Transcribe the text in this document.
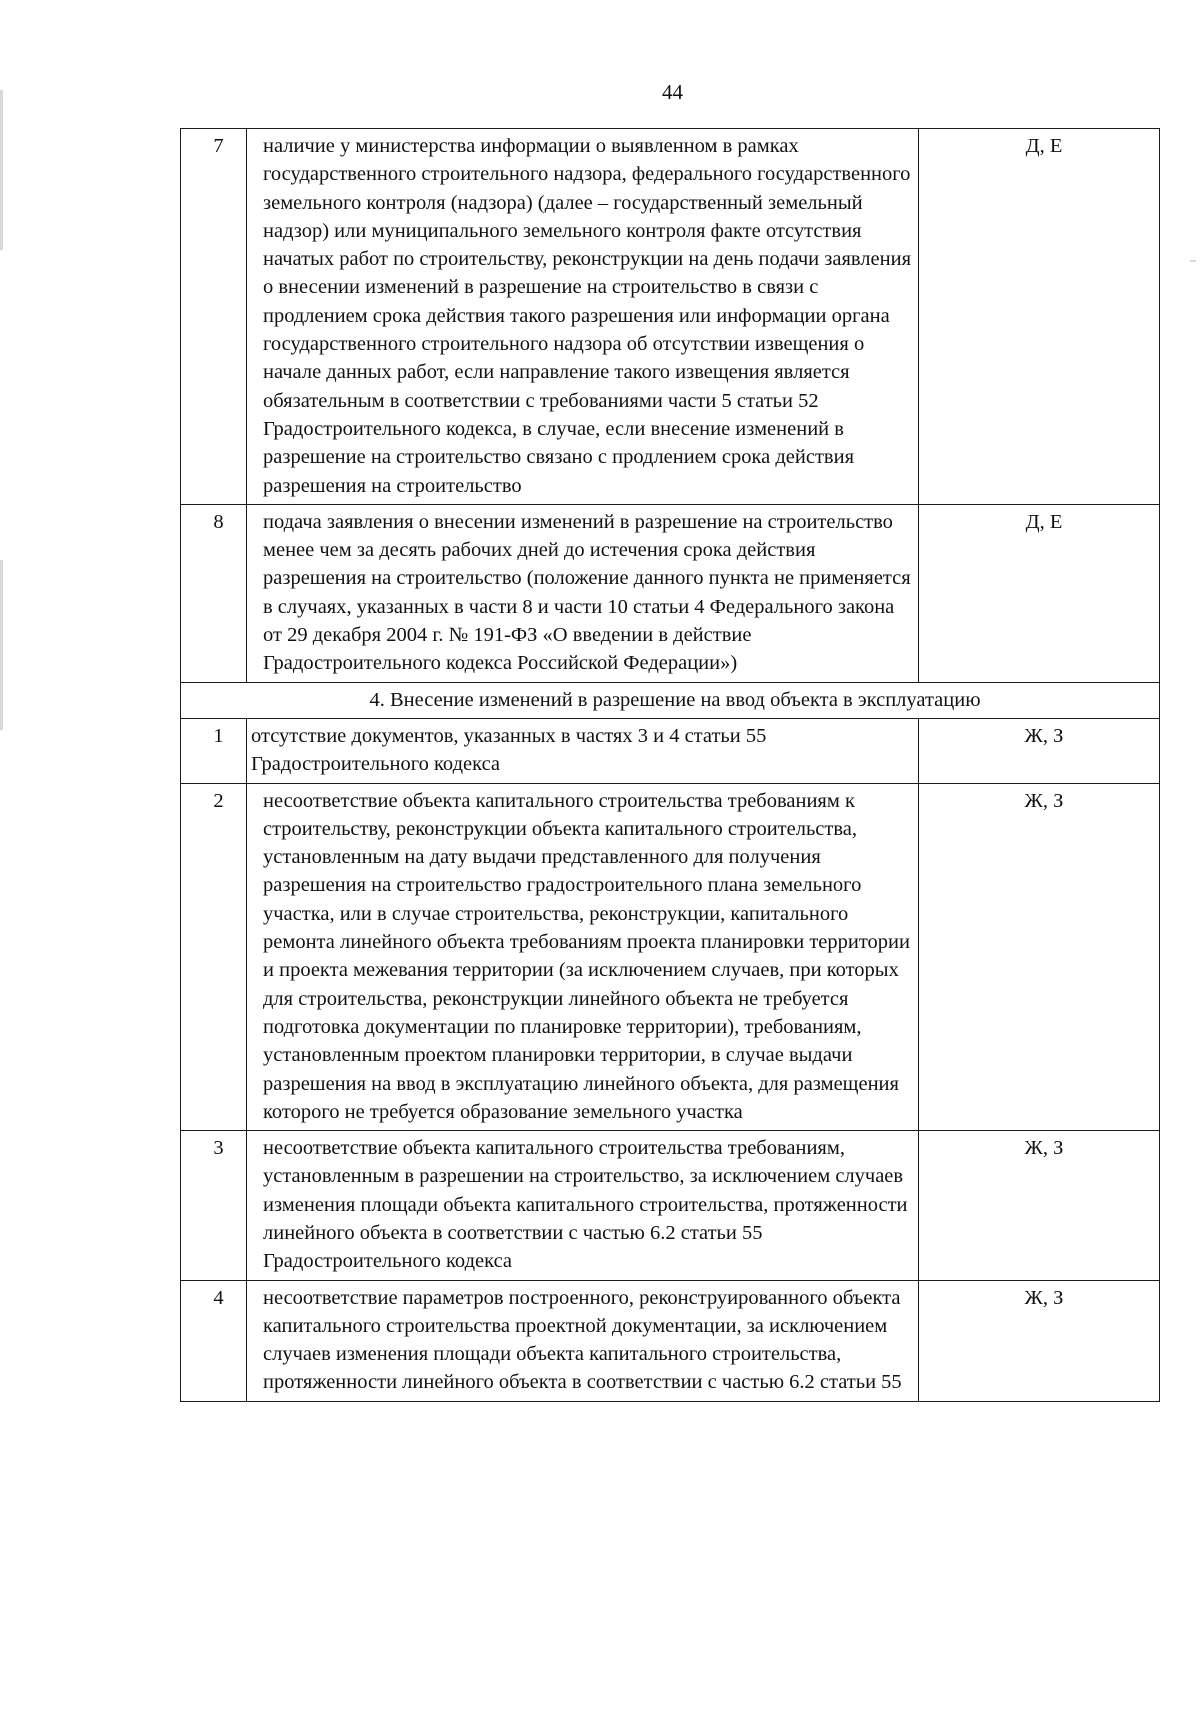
44
7	наличие у министерства информации о выявленном в рамках государственного строительного надзора, федерального государственного земельного контроля (надзора) (далее – государственный земельный надзор) или муниципального земельного контроля факте отсутствия начатых работ по строительству, реконструкции на день подачи заявления о внесении изменений в разрешение на строительство в связи с продлением срока действия такого разрешения или информации органа государственного строительного надзора об отсутствии извещения о начале данных работ, если направление такого извещения является обязательным в соответствии с требованиями части 5 статьи 52 Градостроительного кодекса, в случае, если внесение изменений в разрешение на строительство связано с продлением срока действия разрешения на строительство	Д, Е
8	подача заявления о внесении изменений в разрешение на строительство менее чем за десять рабочих дней до истечения срока действия разрешения на строительство (положение данного пункта не применяется в случаях, указанных в части 8 и части 10 статьи 4 Федерального закона от 29 декабря 2004 г. № 191-ФЗ «О введении в действие Градостроительного кодекса Российской Федерации»)	Д, Е
4. Внесение изменений в разрешение на ввод объекта в эксплуатацию		
1	отсутствие документов, указанных в частях 3 и 4 статьи 55 Градостроительного кодекса	Ж, З
2	несоответствие объекта капитального строительства требованиям к строительству, реконструкции объекта капитального строительства, установленным на дату выдачи представленного для получения разрешения на строительство градостроительного плана земельного участка, или в случае строительства, реконструкции, капитального ремонта линейного объекта требованиям проекта планировки территории и проекта межевания территории (за исключением случаев, при которых для строительства, реконструкции линейного объекта не требуется подготовка документации по планировке территории), требованиям, установленным проектом планировки территории, в случае выдачи разрешения на ввод в эксплуатацию линейного объекта, для размещения которого не требуется образование земельного участка	Ж, З
3	несоответствие объекта капитального строительства требованиям, установленным в разрешении на строительство, за исключением случаев изменения площади объекта капитального строительства, протяженности линейного объекта в соответствии с частью 6.2 статьи 55 Градостроительного кодекса	Ж, З
4	несоответствие параметров построенного, реконструированного объекта капитального строительства проектной документации, за исключением случаев изменения площади объекта капитального строительства, протяженности линейного объекта в соответствии с частью 6.2 статьи 55	Ж, З
